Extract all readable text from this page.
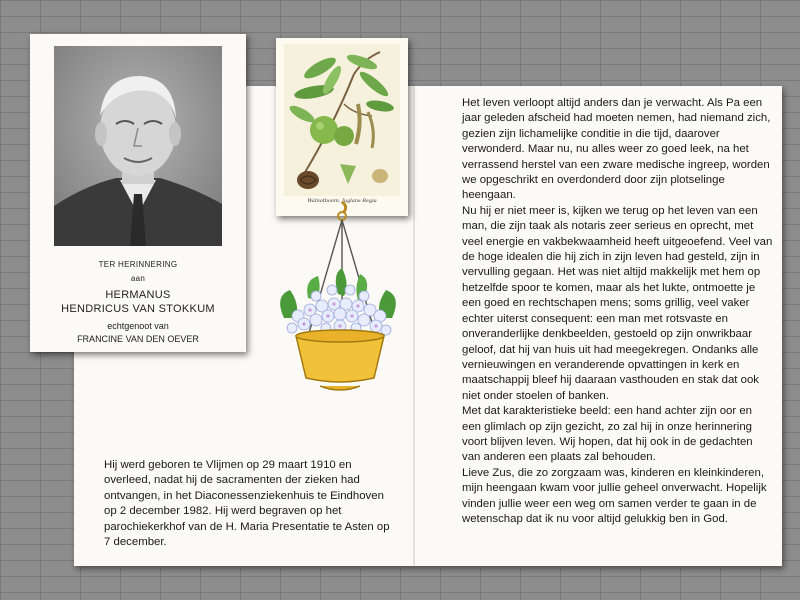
TER HERINNERING
aan
HERMANUS
HENDRICUS VAN STOKKUM
echtgenoot van
FRANCINE VAN DEN OEVER
Walnotboom, Juglans Regia
Hij werd geboren te Vlijmen op 29 maart 1910 en overleed, nadat hij de sacramenten der zieken had ontvangen, in het Diaconessenziekenhuis te Eindhoven op 2 december 1982. Hij werd begraven op het parochiekerkhof van de H. Maria Presentatie te Asten op 7 december.

Het leven verloopt altijd anders dan je verwacht. Als Pa een jaar geleden afscheid had moeten nemen, had niemand zich, gezien zijn lichamelijke conditie in die tijd, daarover verwonderd. Maar nu, nu alles weer zo goed leek, na het verrassend herstel van een zware medische ingreep, worden we opgeschrikt en overdonderd door zijn plotselinge heengaan.

Nu hij er niet meer is, kijken we terug op het leven van een man, die zijn taak als notaris zeer serieus en oprecht, met veel energie en vakbekwaamheid heeft uitgeoefend. Veel van de hoge idealen die hij zich in zijn leven had gesteld, zijn in vervulling gegaan. Het was niet altijd makkelijk met hem op hetzelfde spoor te komen, maar als het lukte, ontmoette je een goed en rechtschapen mens; soms grillig, veel vaker echter uiterst consequent: een man met rotsvaste en onveranderlijke denkbeelden, gestoeld op zijn onwrikbaar geloof, dat hij van huis uit had meegekregen. Ondanks alle vernieuwingen en veranderende opvattingen in kerk en maatschappij bleef hij daaraan vasthouden en stak dat ook niet onder stoelen of banken.

Met dat karakteristieke beeld: een hand achter zijn oor en een glimlach op zijn gezicht, zo zal hij in onze herinnering voort blijven leven. Wij hopen, dat hij ook in de gedachten van anderen een plaats zal behouden.

Lieve Zus, die zo zorgzaam was, kinderen en kleinkinderen, mijn heengaan kwam voor jullie geheel onverwacht. Hopelijk vinden jullie weer een weg om samen verder te gaan in de wetenschap dat ik nu voor altijd gelukkig ben in God.
